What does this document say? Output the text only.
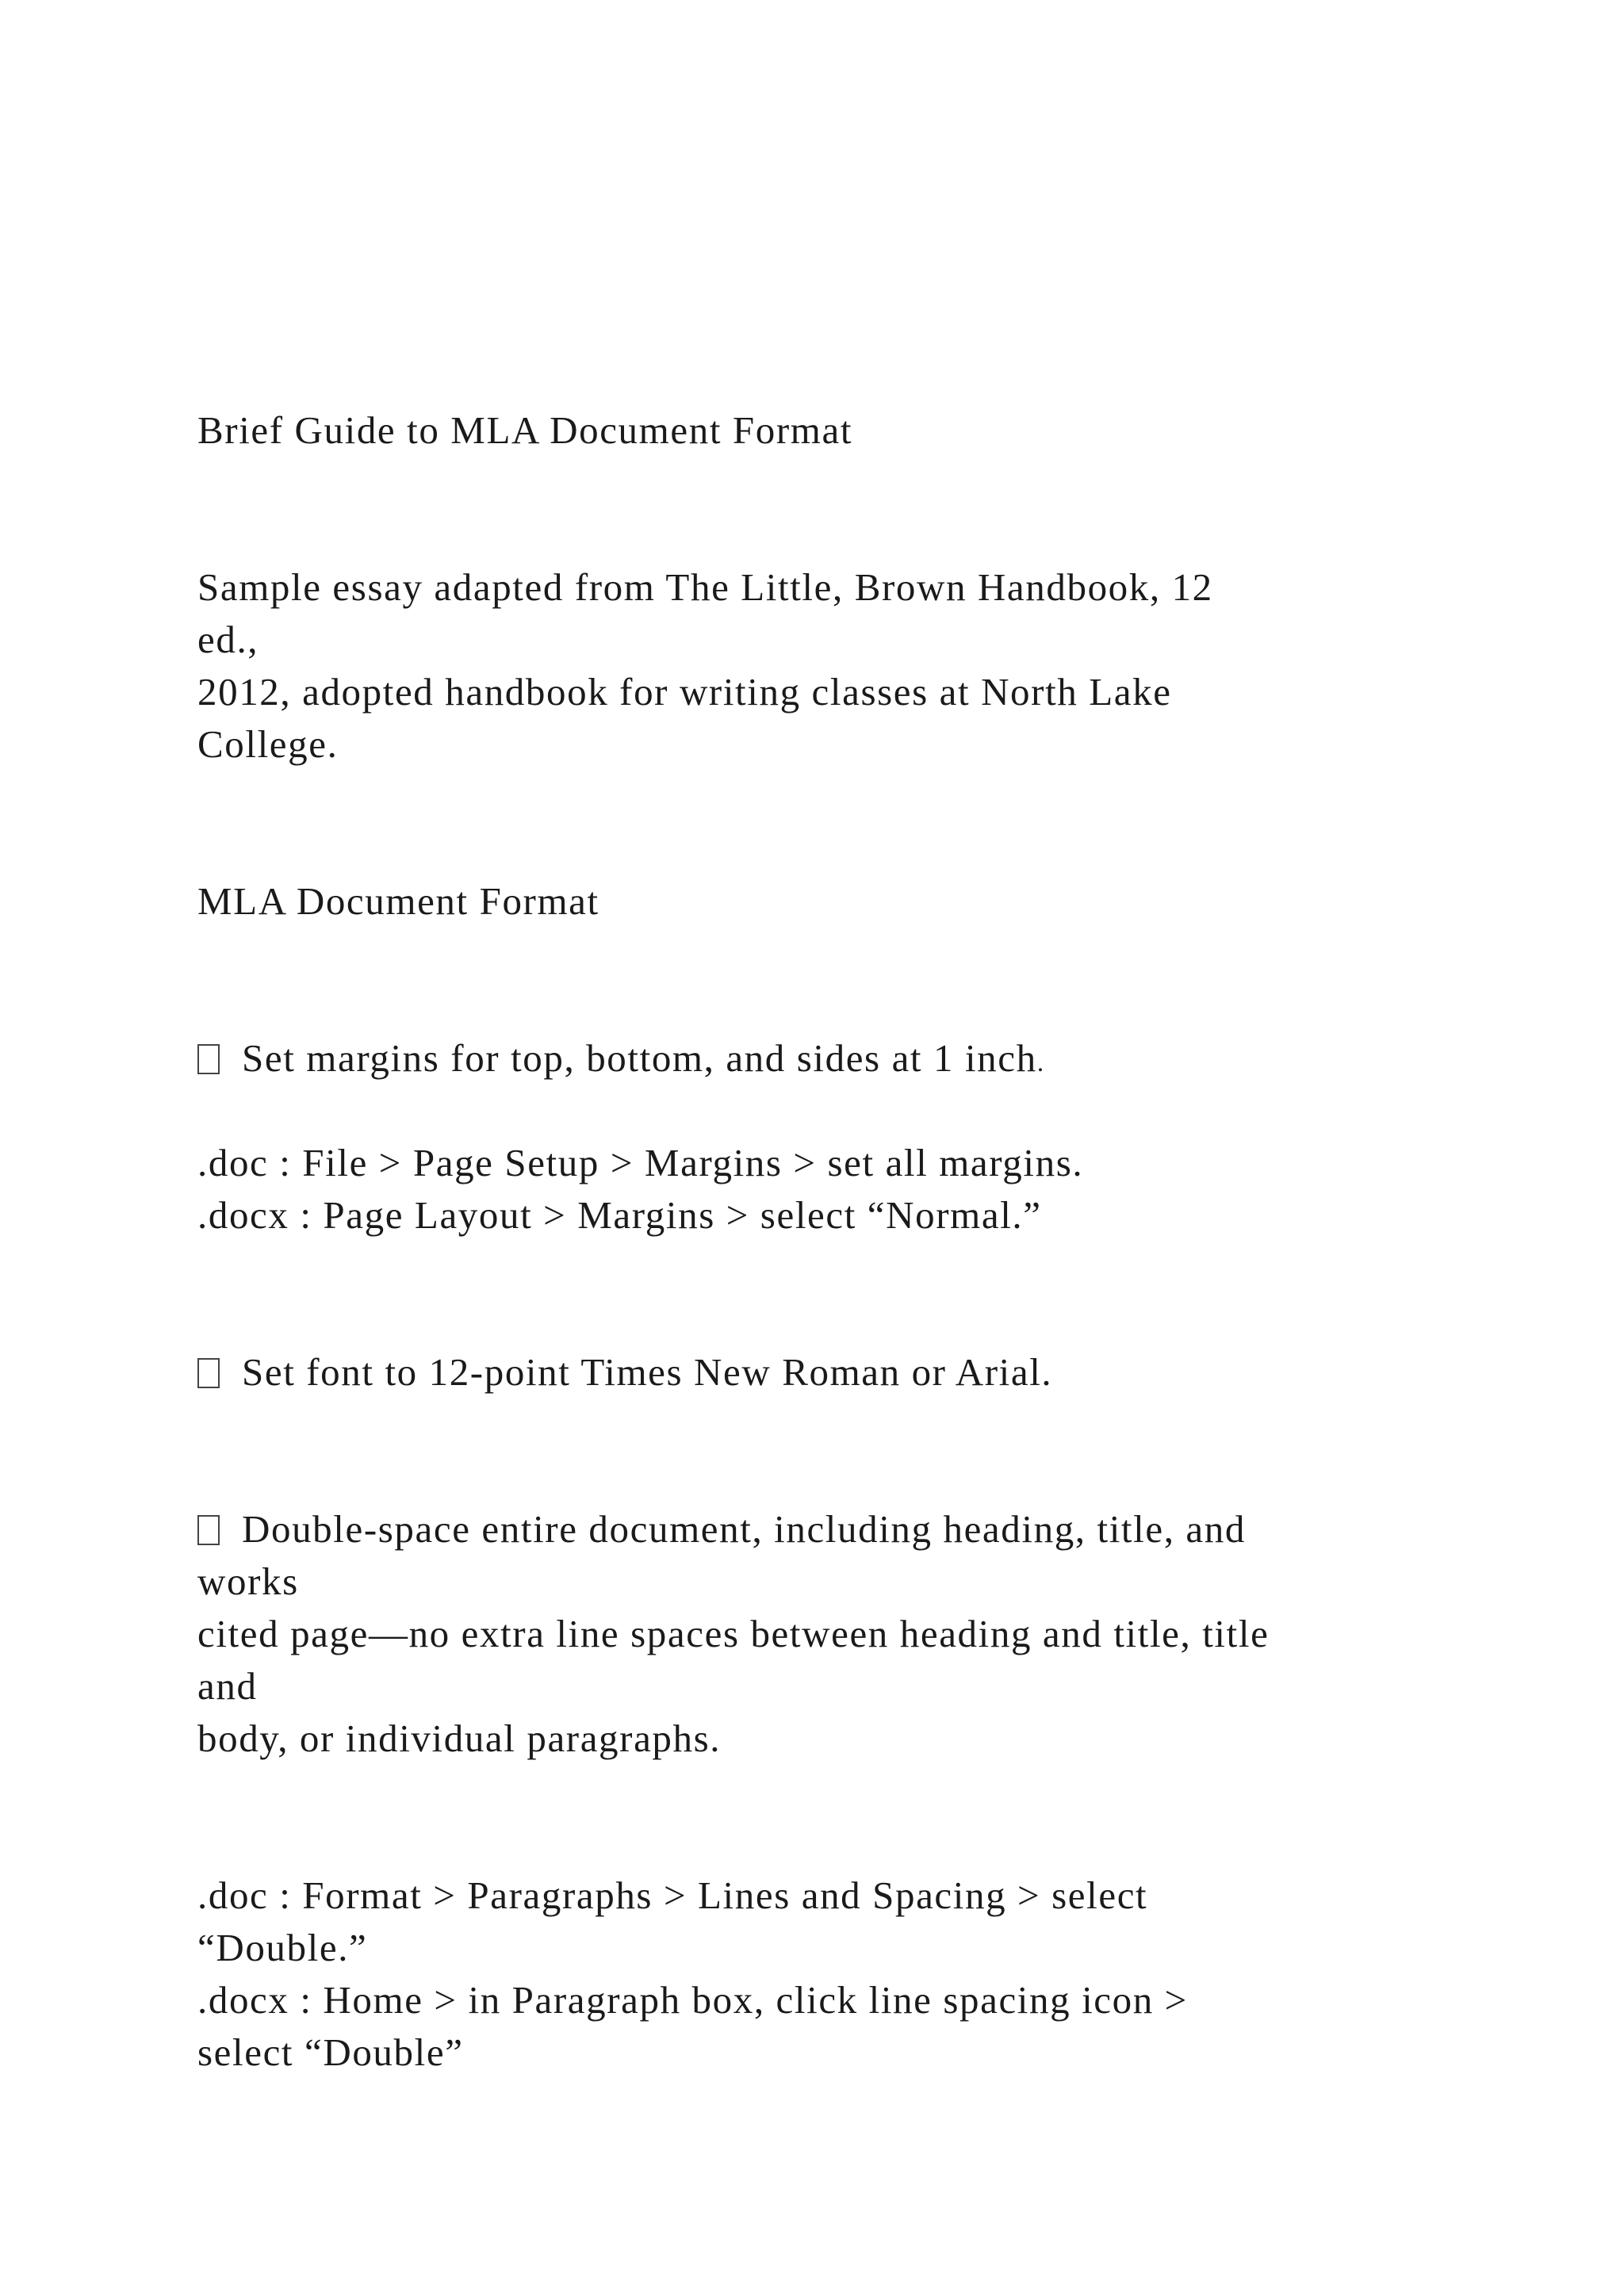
Brief Guide to MLA Document Format
Sample essay adapted from The Little, Brown Handbook, 12
ed.,
2012, adopted handbook for writing classes at North Lake
College.
MLA Document Format
Set margins for top, bottom, and sides at 1 inch.
.doc : File > Page Setup > Margins > set all margins.
.docx : Page Layout > Margins > select “Normal.”
Set font to 12-point Times New Roman or Arial.
Double-space entire document, including heading, title, and
works
cited page—no extra line spaces between heading and title, title
and
body, or individual paragraphs.
.doc : Format > Paragraphs > Lines and Spacing > select
“Double.”
.docx : Home > in Paragraph box, click line spacing icon >
select “Double”
